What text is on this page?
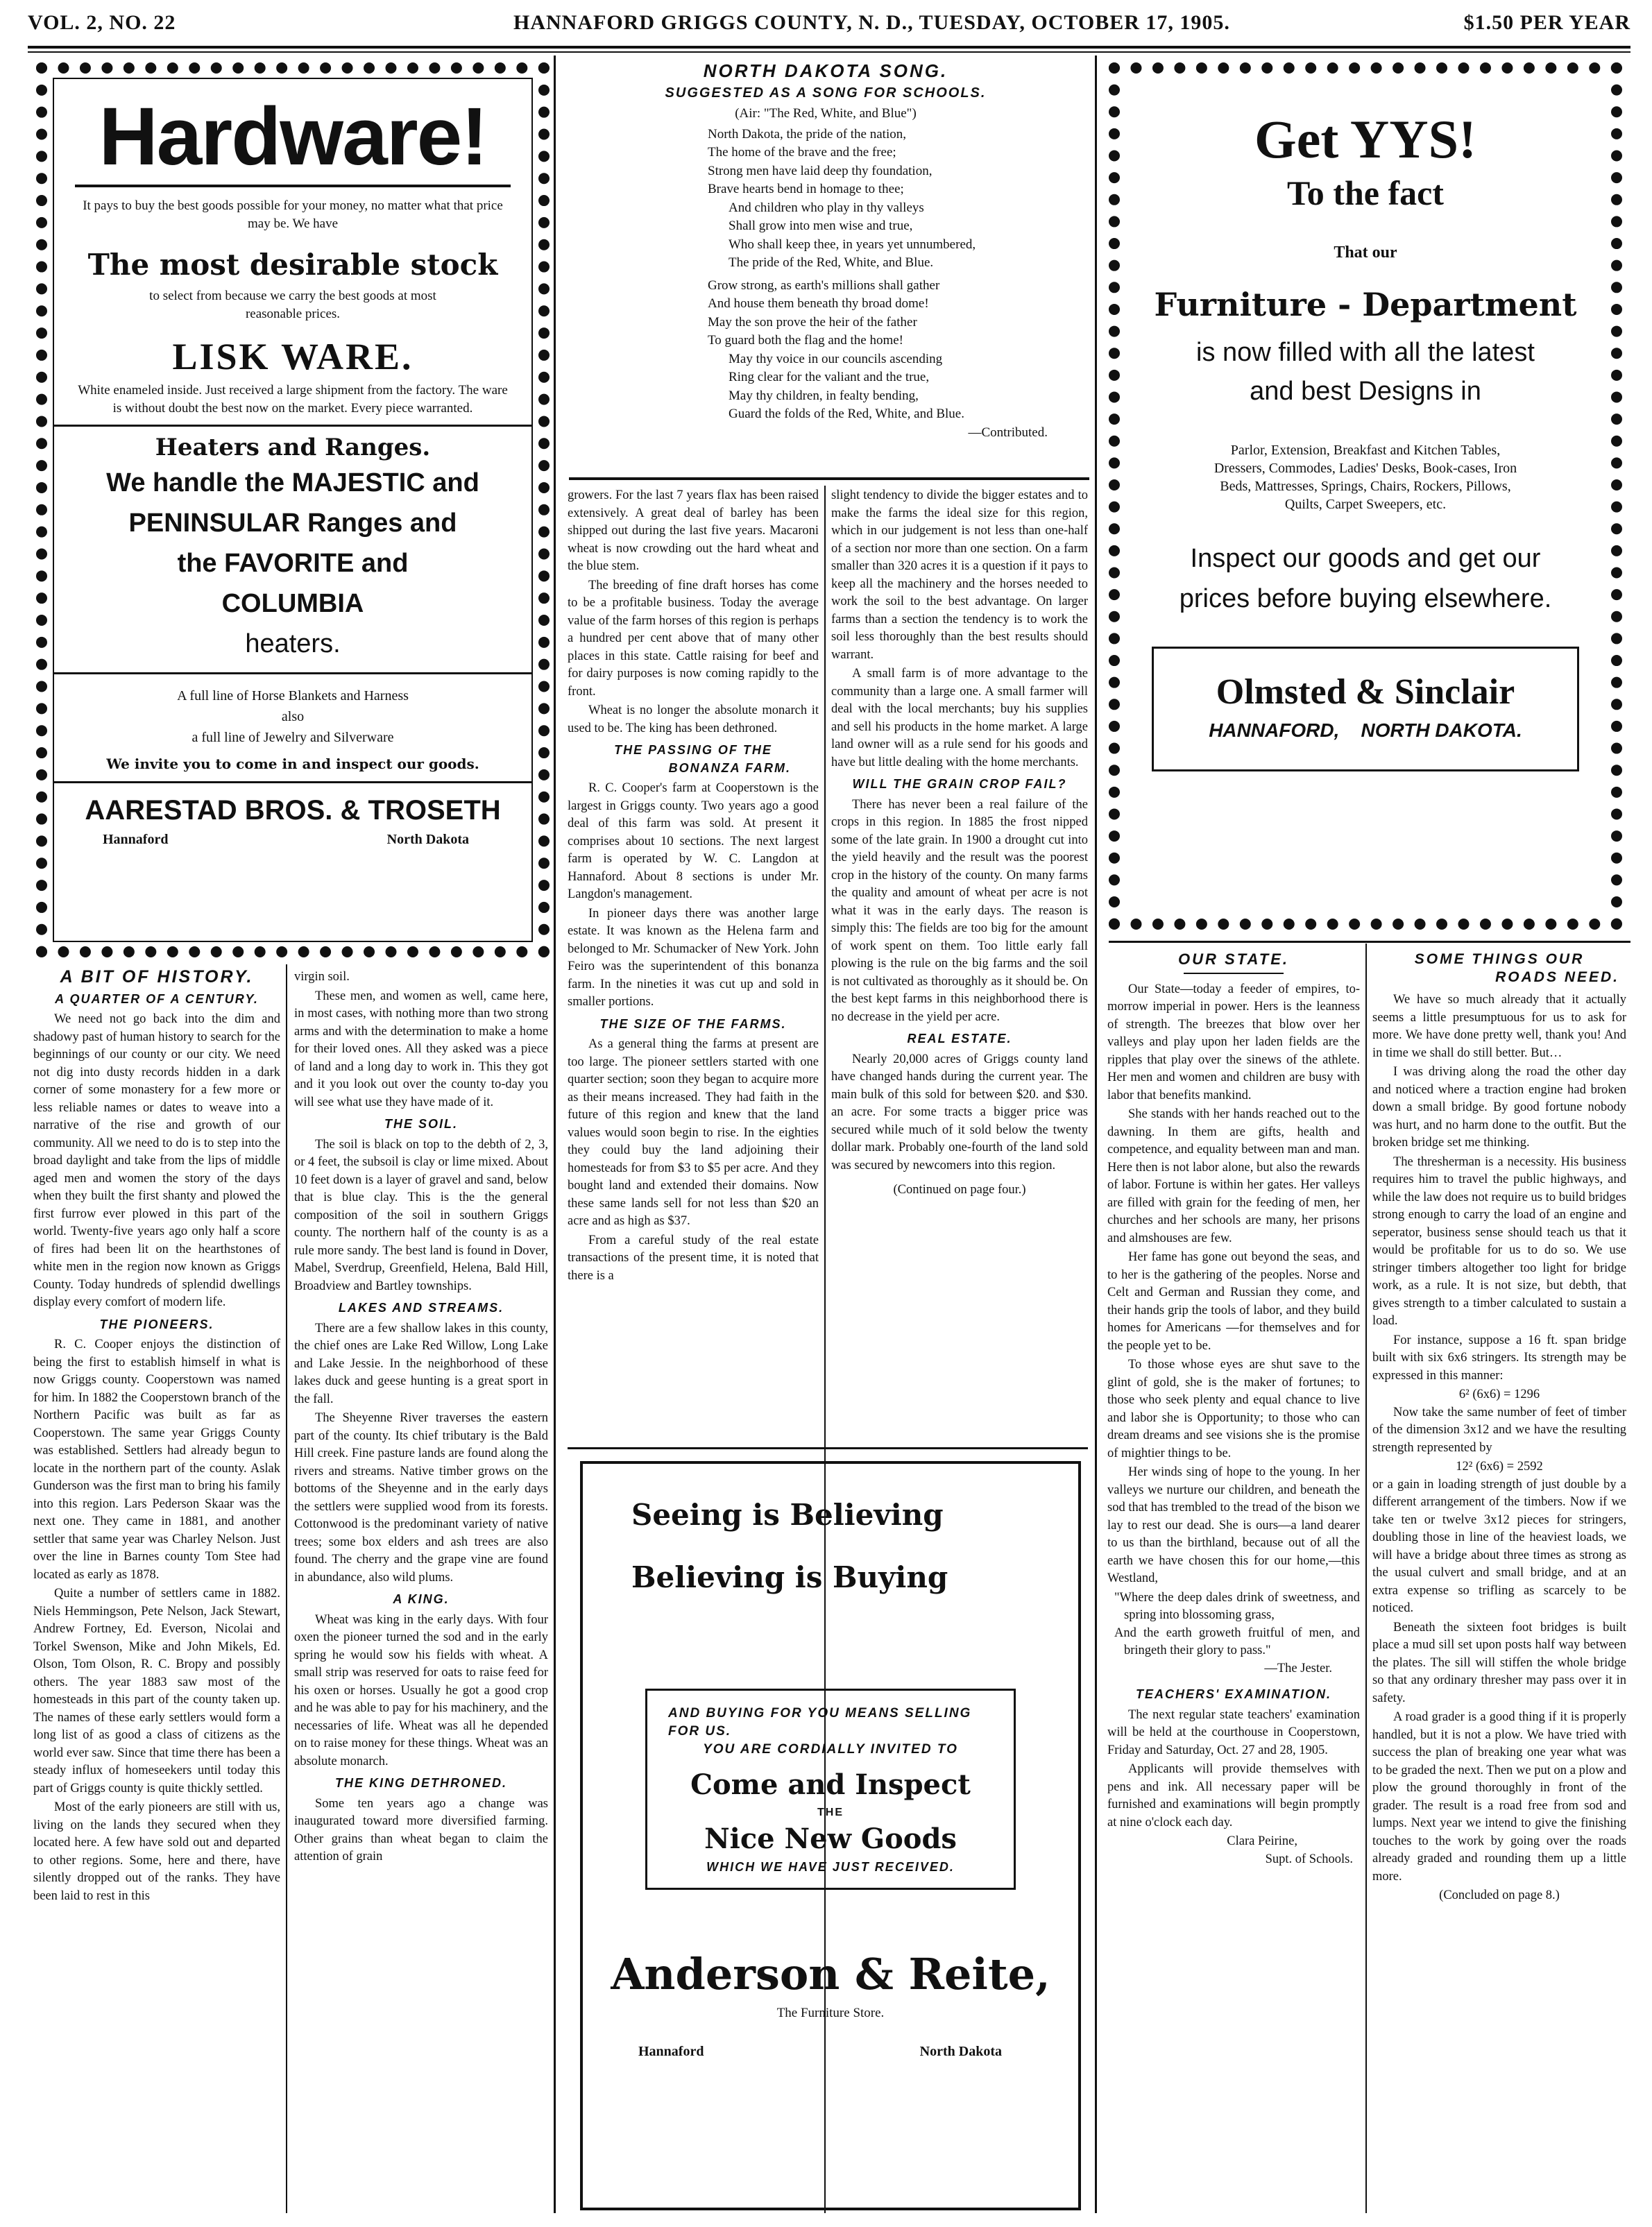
VOL. 2, NO. 22	HANNAFORD GRIGGS COUNTY, N. D., TUESDAY, OCTOBER 17, 1905.	$1.50 PER YEAR
Hardware!
It pays to buy the best goods possible for your money, no matter what that price may be. We have
The most desirable stock
to select from because we carry the best goods at most reasonable prices.
LISK WARE.
White enameled inside. Just received a large shipment from the factory. The ware is without doubt the best now on the market. Every piece warranted.
Heaters and Ranges.
We handle the MAJESTIC and
PENINSULAR Ranges and
the FAVORITE and
COLUMBIA
heaters.
A full line of Horse Blankets and Harness
also
a full line of Jewelry and Silverware
We invite you to come in and inspect our goods.
AARESTAD BROS. & TROSETH
Hannaford	North Dakota
NORTH DAKOTA SONG.
SUGGESTED AS A SONG FOR SCHOOLS.
(Air: "The Red, White, and Blue")
North Dakota, the pride of the nation,
The home of the brave and the free;
Strong men have laid deep thy foundation,
Brave hearts bend in homage to thee;
And children who play in thy valleys
Shall grow into men wise and true,
Who shall keep thee, in years yet unnumbered,
The pride of the Red, White, and Blue.
Grow strong, as earth's millions shall gather
And house them beneath thy broad dome!
May the son prove the heir of the father
To guard both the flag and the home!
May thy voice in our councils ascending
Ring clear for the valiant and the true,
May thy children, in fealty bending,
Guard the folds of the Red, White, and Blue.
—Contributed.
Get YYS!
To the fact
That our
Furniture - Department
is now filled with all the latest
and best Designs in
Parlor, Extension, Breakfast and Kitchen Tables, Dressers, Commodes, Ladies' Desks, Book-cases, Iron Beds, Mattresses, Springs, Chairs, Rockers, Pillows, Quilts, Carpet Sweepers, etc.
Inspect our goods and get our
prices before buying elsewhere.
Olmsted & Sinclair
HANNAFORD,    NORTH DAKOTA.
A BIT OF HISTORY.
A QUARTER OF A CENTURY.

We need not go back into the dim and shadowy past of human history to search for the beginnings of our county or our city. We need not dig into dusty records hidden in a dark corner of some monastery for a few more or less reliable names or dates to weave into a narrative of the rise and growth of our community. All we need to do is to step into the broad daylight and take from the lips of middle aged men and women the story of the days when they built the first shanty and plowed the first furrow ever plowed in this part of the world. Twenty-five years ago only half a score of fires had been lit on the hearthstones of white men in the region now known as Griggs County. Today hundreds of splendid dwellings display every comfort of modern life.

THE PIONEERS.

R. C. Cooper enjoys the distinction of being the first to establish himself in what is now Griggs county. Cooperstown was named for him. In 1882 the Cooperstown branch of the Northern Pacific was built as far as Cooperstown. The same year Griggs County was established. Settlers had already begun to locate in the northern part of the county. Aslak Gunderson was the first man to bring his family into this region. Lars Pederson Skaar was the next one. They came in 1881, and another settler that same year was Charley Nelson. Just over the line in Barnes county Tom Stee had located as early as 1878.

Quite a number of settlers came in 1882. Niels Hemmingson, Pete Nelson, Jack Stewart, Andrew Fortney, Ed. Everson, Nicolai and Torkel Swenson, Mike and John Mikels, Ed. Olson, Tom Olson, R. C. Bropy and possibly others. The year 1883 saw most of the homesteads in this part of the county taken up. The names of these early settlers would form a long list of as good a class of citizens as the world ever saw. Since that time there has been a steady influx of homeseekers until today this part of Griggs county is quite thickly settled.

Most of the early pioneers are still with us, living on the lands they secured when they located here. A few have sold out and departed to other regions. Some, here and there, have silently dropped out of the ranks. They have been laid to rest in this

virgin soil.

These men, and women as well, came here, in most cases, with nothing more than two strong arms and with the determination to make a home for their loved ones. All they asked was a piece of land and a long day to work in. This they got and it you look out over the county to-day you will see what use they have made of it.

THE SOIL.

The soil is black on top to the debth of 2, 3, or 4 feet, the subsoil is clay or lime mixed. About 10 feet down is a layer of gravel and sand, below that is blue clay. This is the the general composition of the soil in southern Griggs county. The northern half of the county is as a rule more sandy. The best land is found in Dover, Mabel, Sverdrup, Greenfield, Helena, Bald Hill, Broadview and Bartley townships.

LAKES AND STREAMS.

There are a few shallow lakes in this county, the chief ones are Lake Red Willow, Long Lake and Lake Jessie. In the neighborhood of these lakes duck and geese hunting is a great sport in the fall.

The Sheyenne River traverses the eastern part of the county. Its chief tributary is the Bald Hill creek. Fine pasture lands are found along the rivers and streams. Native timber grows on the bottoms of the Sheyenne and in the early days the settlers were supplied wood from its forests. Cottonwood is the predominant variety of native trees; some box elders and ash trees are also found. The cherry and the grape vine are found in abundance, also wild plums.

A KING.

Wheat was king in the early days. With four oxen the pioneer turned the sod and in the early spring he would sow his fields with wheat. A small strip was reserved for oats to raise feed for his oxen or horses. Usually he got a good crop and he was able to pay for his machinery, and the necessaries of life. Wheat was all he depended on to raise money for these things. Wheat was an absolute monarch.

THE KING DETHRONED.

Some ten years ago a change was inaugurated toward more diversified farming. Other grains than wheat began to claim the attention of grain

growers. For the last 7 years flax has been raised extensively. A great deal of barley has been shipped out during the last five years. Macaroni wheat is now crowding out the hard wheat and the blue stem.

The breeding of fine draft horses has come to be a profitable business. Today the average value of the farm horses of this region is perhaps a hundred per cent above that of many other places in this state. Cattle raising for beef and for dairy purposes is now coming rapidly to the front.

Wheat is no longer the absolute monarch it used to be. The king has been dethroned.

THE PASSING OF THE
BONANZA FARM.

R. C. Cooper's farm at Cooperstown is the largest in Griggs county. Two years ago a good deal of this farm was sold. At present it comprises about 10 sections. The next largest farm is operated by W. C. Langdon at Hannaford. About 8 sections is under Mr. Langdon's management.

In pioneer days there was another large estate. It was known as the Helena farm and belonged to Mr. Schumacker of New York. John Feiro was the superintendent of this bonanza farm. In the nineties it was cut up and sold in smaller portions.

THE SIZE OF THE FARMS.

As a general thing the farms at present are too large. The pioneer settlers started with one quarter section; soon they began to acquire more as their means increased. They had faith in the future of this region and knew that the land values would soon begin to rise. In the eighties they could buy the land adjoining their homesteads for from $3 to $5 per acre. And they bought land and extended their domains. Now these same lands sell for not less than $20 an acre and as high as $37.

From a careful study of the real estate transactions of the present time, it is noted that there is a

slight tendency to divide the bigger estates and to make the farms the ideal size for this region, which in our judgement is not less than one-half of a section nor more than one section. On a farm smaller than 320 acres it is a question if it pays to keep all the machinery and the horses needed to work the soil to the best advantage. On larger farms than a section the tendency is to work the soil less thoroughly than the best results should warrant.

A small farm is of more advantage to the community than a large one. A small farmer will deal with the local merchants; buy his supplies and sell his products in the home market. A large land owner will as a rule send for his goods and have but little dealing with the home merchants.

WILL THE GRAIN CROP FAIL?

There has never been a real failure of the crops in this region. In 1885 the frost nipped some of the late grain. In 1900 a drought cut into the yield heavily and the result was the poorest crop in the history of the county. On many farms the quality and amount of wheat per acre is not what it was in the early days. The reason is simply this: The fields are too big for the amount of work spent on them. Too little early fall plowing is the rule on the big farms and the soil is not cultivated as thoroughly as it should be. On the best kept farms in this neighborhood there is no decrease in the yield per acre.

REAL ESTATE.

Nearly 20,000 acres of Griggs county land have changed hands during the current year. The main bulk of this sold for between $20. and $30. an acre. For some tracts a bigger price was secured while much of it sold below the twenty dollar mark. Probably one-fourth of the land sold was secured by newcomers into this region.

(Continued on page four.)
Seeing is Believing
Believing is Buying
AND BUYING FOR YOU MEANS SELLING FOR US.
YOU ARE CORDIALLY INVITED TO
Come and Inspect
THE
Nice New Goods
WHICH WE HAVE JUST RECEIVED.
Anderson & Reite,
The Furniture Store.
Hannaford	North Dakota
OUR STATE.

Our State—today a feeder of empires, to-morrow imperial in power. Hers is the leanness of strength. The breezes that blow over her valleys and play upon her laden fields are the ripples that play over the sinews of the athlete. Her men and women and children are busy with labor that benefits mankind.

She stands with her hands reached out to the dawning. In them are gifts, health and competence, and equality between man and man. Here then is not labor alone, but also the rewards of labor. Fortune is within her gates. Her valleys are filled with grain for the feeding of men, her churches and her schools are many, her prisons and almshouses are few.

Her fame has gone out beyond the seas, and to her is the gathering of the peoples. Norse and Celt and German and Russian they come, and their hands grip the tools of labor, and they build homes for Americans —for themselves and for the people yet to be.

To those whose eyes are shut save to the glint of gold, she is the maker of fortunes; to those who seek plenty and equal chance to live and labor she is Opportunity; to those who can dream dreams and see visions she is the promise of mightier things to be.

Her winds sing of hope to the young. In her valleys we nurture our children, and beneath the sod that has trembled to the tread of the bison we lay to rest our dead. She is ours—a land dearer to us than the birthland, because out of all the earth we have chosen this for our home,—this Westland,

"Where the deep dales drink of sweetness, and spring into blossoming grass,
And the earth groweth fruitful of men, and bringeth their glory to pass."
—The Jester.
TEACHERS' EXAMINATION.

The next regular state teachers' examination will be held at the courthouse in Cooperstown, Friday and Saturday, Oct. 27 and 28, 1905.

Applicants will provide themselves with pens and ink. All necessary paper will be furnished and examinations will begin promptly at nine o'clock each day.

Clara Peirine,
Supt. of Schools.
SOME THINGS OUR
ROADS NEED.

We have so much already that it actually seems a little presumptuous for us to ask for more. We have done pretty well, thank you! And in time we shall do still better. But…

I was driving along the road the other day and noticed where a traction engine had broken down a small bridge. By good fortune nobody was hurt, and no harm done to the outfit. But the broken bridge set me thinking.

The thresherman is a necessity. His business requires him to travel the public highways, and while the law does not require us to build bridges strong enough to carry the load of an engine and seperator, business sense should teach us that it would be profitable for us to do so. We use stringer timbers altogether too light for bridge work, as a rule. It is not size, but debth, that gives strength to a timber calculated to sustain a load.

For instance, suppose a 16 ft. span bridge built with six 6x6 stringers. Its strength may be expressed in this manner:

6² (6x6) = 1296

Now take the same number of feet of timber of the dimension 3x12 and we have the resulting strength represented by

12² (6x6) = 2592

or a gain in loading strength of just double by a different arrangement of the timbers. Now if we take ten or twelve 3x12 pieces for stringers, doubling those in line of the heaviest loads, we will have a bridge about three times as strong as the usual culvert and small bridge, and at an extra expense so trifling as scarcely to be noticed.

Beneath the sixteen foot bridges is built place a mud sill set upon posts half way between the plates. The sill will stiffen the whole bridge so that any ordinary thresher may pass over it in safety.

A road grader is a good thing if it is properly handled, but it is not a plow. We have tried with success the plan of breaking one year what was to be graded the next. Then we put on a plow and plow the ground thoroughly in front of the grader. The result is a road free from sod and lumps. Next year we intend to give the finishing touches to the work by going over the roads already graded and rounding them up a little more.

(Concluded on page 8.)
